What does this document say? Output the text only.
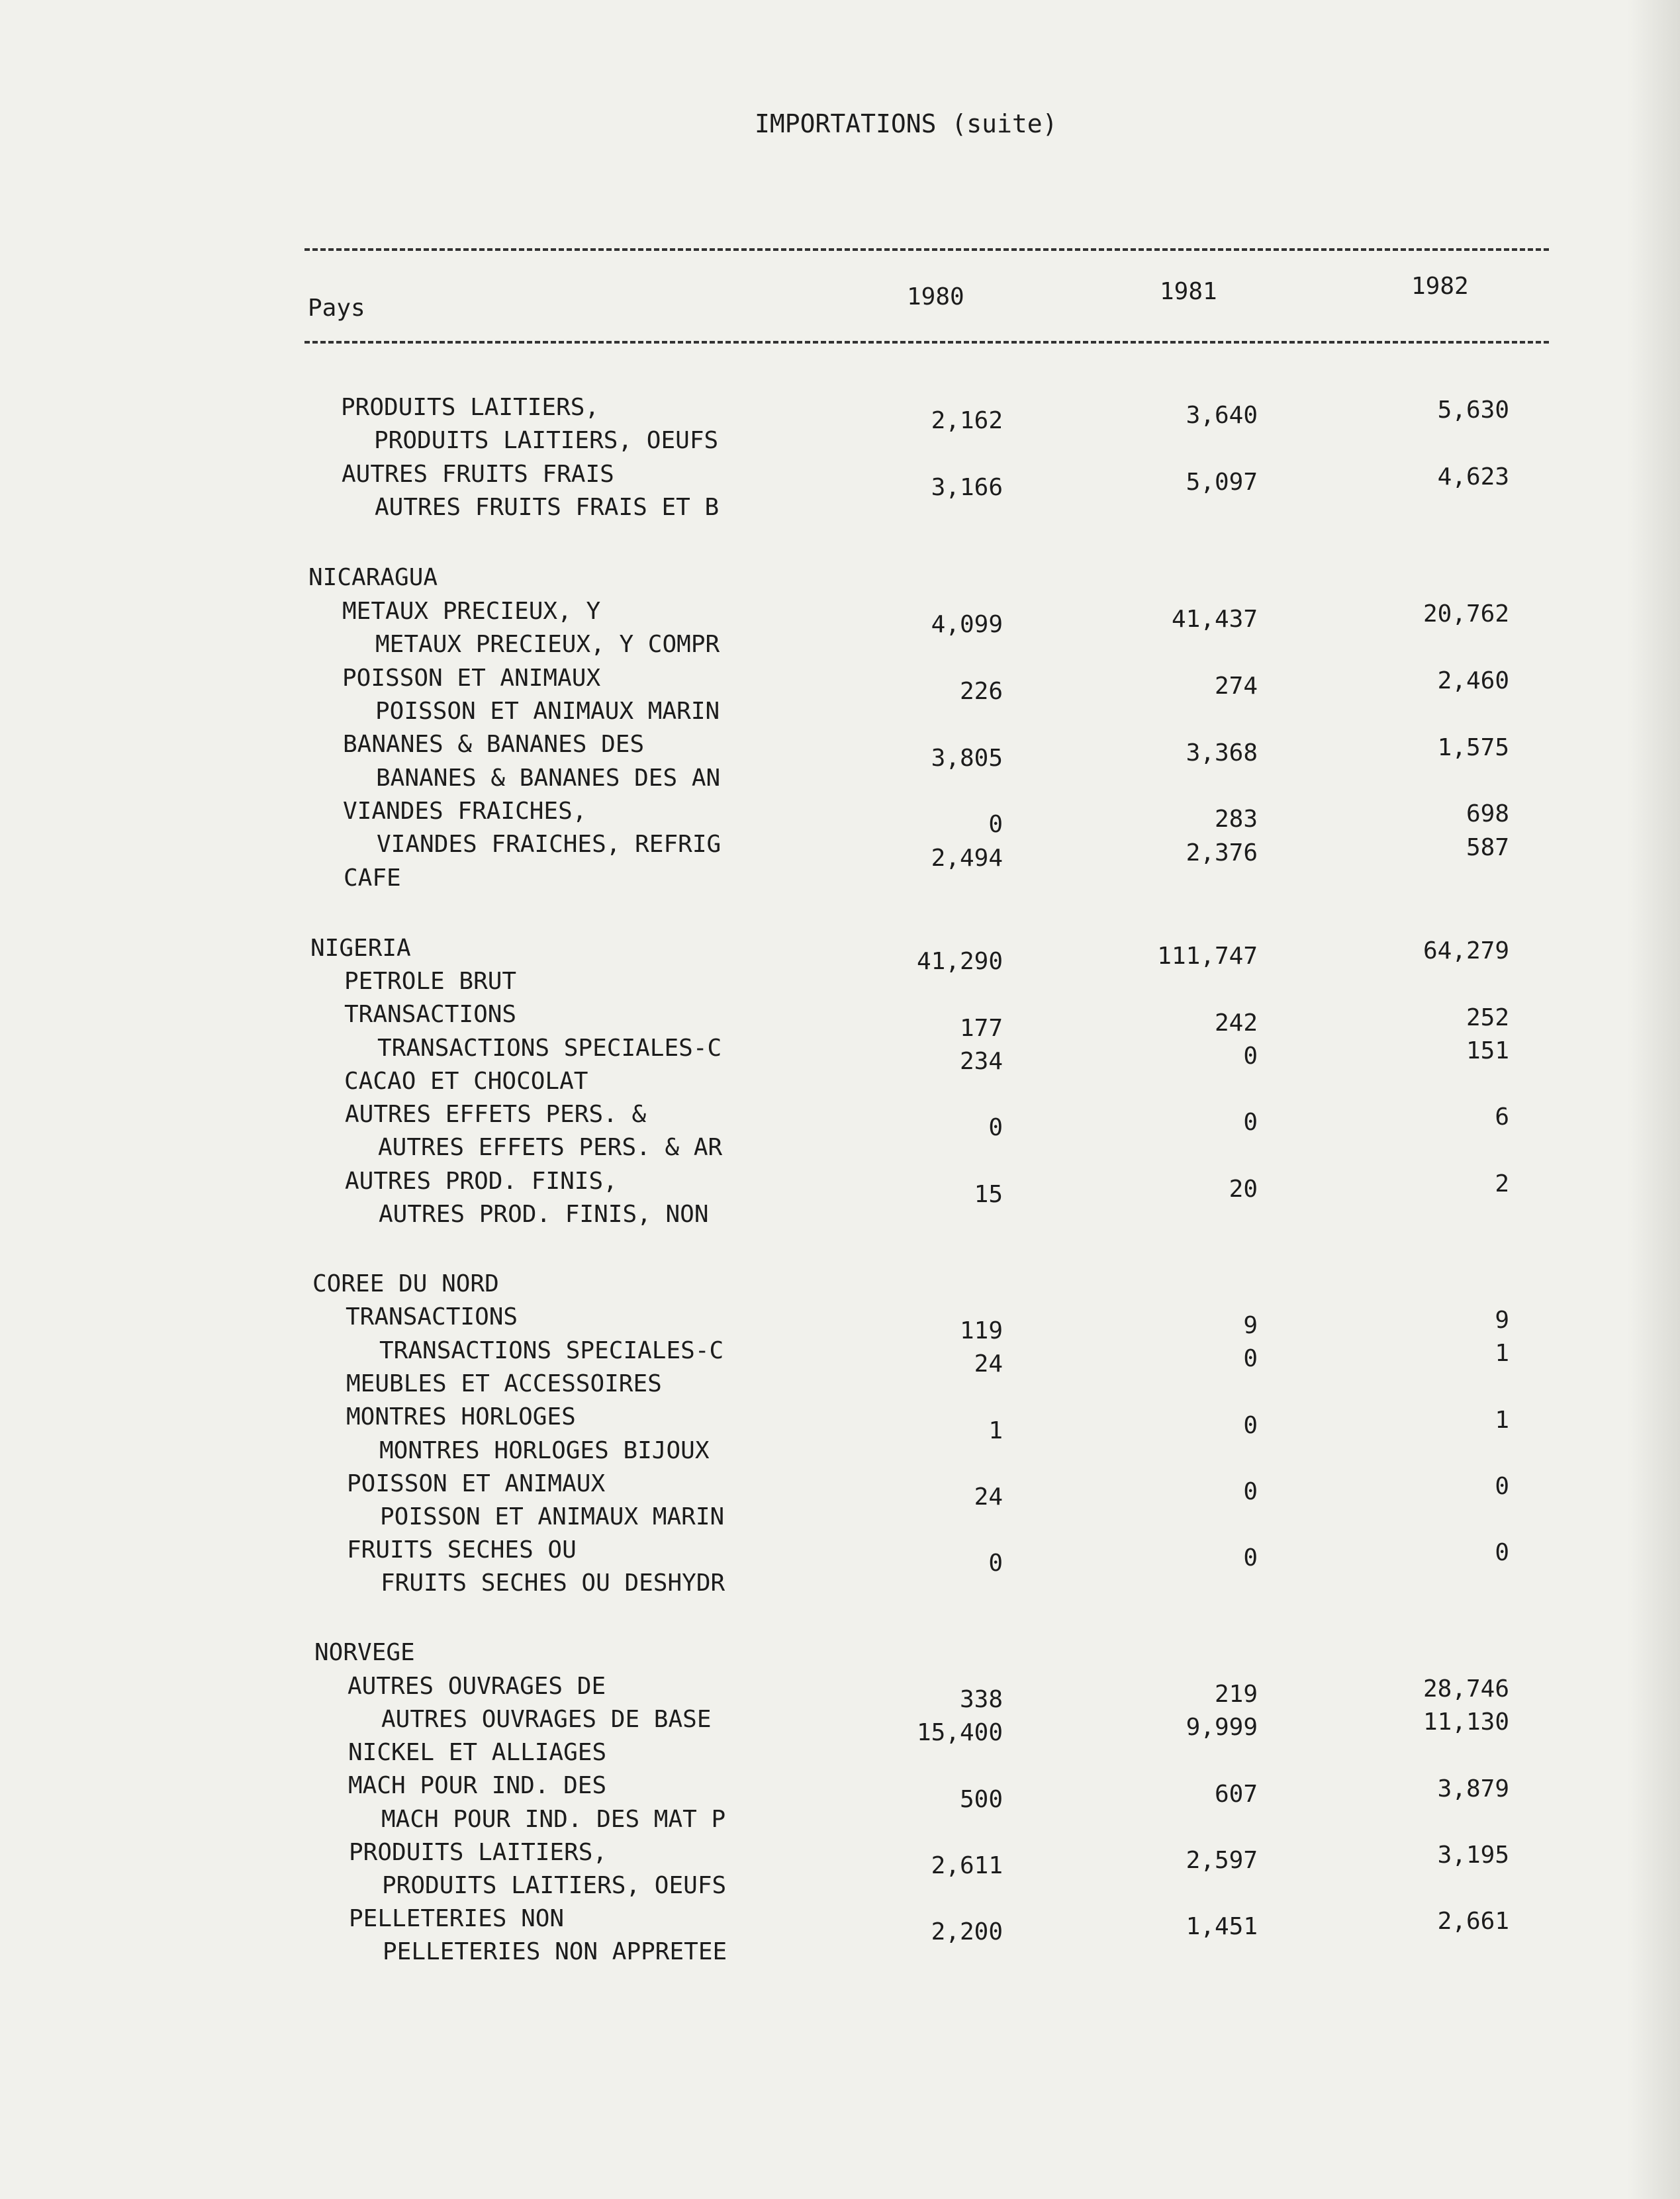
IMPORTATIONS (suite)
Pays	1980	1981	1982
PRODUITS LAITIERS,
PRODUITS LAITIERS, OEUFS
2,162	3,640	5,630
AUTRES FRUITS FRAIS
AUTRES FRUITS FRAIS ET B
3,166	5,097	4,623
NICARAGUA
METAUX PRECIEUX, Y
METAUX PRECIEUX, Y COMPR
4,099	41,437	20,762
POISSON ET ANIMAUX
POISSON ET ANIMAUX MARIN
226	274	2,460
BANANES & BANANES DES
BANANES & BANANES DES AN
3,805	3,368	1,575
VIANDES FRAICHES,
VIANDES FRAICHES, REFRIG
0	283	698
CAFE
2,494	2,376	587
NIGERIA
PETROLE BRUT
41,290	111,747	64,279
TRANSACTIONS
TRANSACTIONS SPECIALES-C
177	242	252
CACAO ET CHOCOLAT
234	0	151
AUTRES EFFETS PERS. &
AUTRES EFFETS PERS. & AR
0	0	6
AUTRES PROD. FINIS,
AUTRES PROD. FINIS, NON
15	20	2
COREE DU NORD
TRANSACTIONS
TRANSACTIONS SPECIALES-C
119	9	9
MEUBLES ET ACCESSOIRES
24	0	1
MONTRES HORLOGES
MONTRES HORLOGES BIJOUX
1	0	1
POISSON ET ANIMAUX
POISSON ET ANIMAUX MARIN
24	0	0
FRUITS SECHES OU
FRUITS SECHES OU DESHYDR
0	0	0
NORVEGE
AUTRES OUVRAGES DE
AUTRES OUVRAGES DE BASE
338	219	28,746
NICKEL ET ALLIAGES
15,400	9,999	11,130
MACH POUR IND. DES
MACH POUR IND. DES MAT P
500	607	3,879
PRODUITS LAITIERS,
PRODUITS LAITIERS, OEUFS
2,611	2,597	3,195
PELLETERIES NON
PELLETERIES NON APPRETEE
2,200	1,451	2,661
